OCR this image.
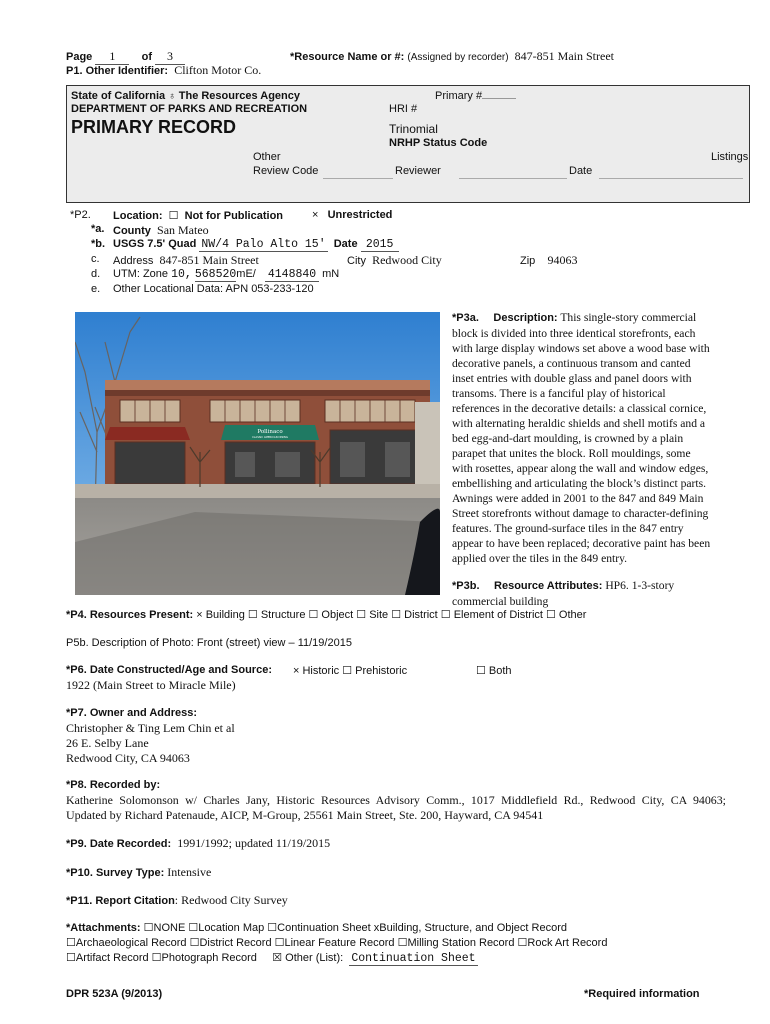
Page 1 of 3	*Resource Name or #: (Assigned by recorder) 847-851 Main Street
P1. Other Identifier: Clifton Motor Co.
State of California ♁ The Resources Agency
DEPARTMENT OF PARKS AND RECREATION
PRIMARY RECORD
Primary #
HRI #
Trinomial
NRHP Status Code
Other	Listings
Review Code	Reviewer	Date
*P2. Location: ☐ Not for Publication	× Unrestricted
*a. County San Mateo
*b. USGS 7.5' Quad NW/4 Palo Alto 15' Date 2015
c. Address 847-851 Main Street	City Redwood City	Zip 94063
d. UTM: Zone 10, 568520mE/ 4148840 mN
e. Other Locational Data: APN 053-233-120
Pollinaco
CLASSIC AMERICAN DINING
*P3a. Description: This single-story commercial
block is divided into three identical storefronts, each
with large display windows set above a wood base with
decorative panels, a continuous transom and canted
inset entries with double glass and panel doors with
transoms. There is a fanciful play of historical
references in the decorative details: a classical cornice,
with alternating heraldic shields and shell motifs and a
bed egg-and-dart moulding, is crowned by a plain
parapet that unites the block. Roll mouldings, some
with rosettes, appear along the wall and window edges,
embellishing and articulating the block’s distinct parts.
Awnings were added in 2001 to the 847 and 849 Main
Street storefronts without damage to character-defining
features. The ground-surface tiles in the 847 entry
appear to have been replaced; decorative paint has been
applied over the tiles in the 849 entry.
*P3b. Resource Attributes: HP6. 1-3-story
commercial building
*P4. Resources Present: × Building ☐ Structure ☐ Object ☐ Site ☐ District ☐ Element of District ☐ Other
P5b. Description of Photo: Front (street) view – 11/19/2015
*P6. Date Constructed/Age and Source: × Historic ☐ Prehistoric	☐ Both
1922 (Main Street to Miracle Mile)
*P7. Owner and Address:
Christopher & Ting Lem Chin et al
26 E. Selby Lane
Redwood City, CA 94063
*P8. Recorded by:
Katherine Solomonson w/ Charles Jany, Historic Resources Advisory Comm., 1017 Middlefield Rd., Redwood City, CA 94063;
Updated by Richard Patenaude, AICP, M-Group, 25561 Main Street, Ste. 200, Hayward, CA 94541
*P9. Date Recorded: 1991/1992; updated 11/19/2015
*P10. Survey Type: Intensive
*P11. Report Citation: Redwood City Survey
*Attachments: ☐NONE ☐Location Map ☐Continuation Sheet xBuilding, Structure, and Object Record
☐Archaeological Record ☐District Record ☐Linear Feature Record ☐Milling Station Record ☐Rock Art Record
☐Artifact Record ☐Photograph Record ☒ Other (List): Continuation Sheet
DPR 523A (9/2013)	*Required information
